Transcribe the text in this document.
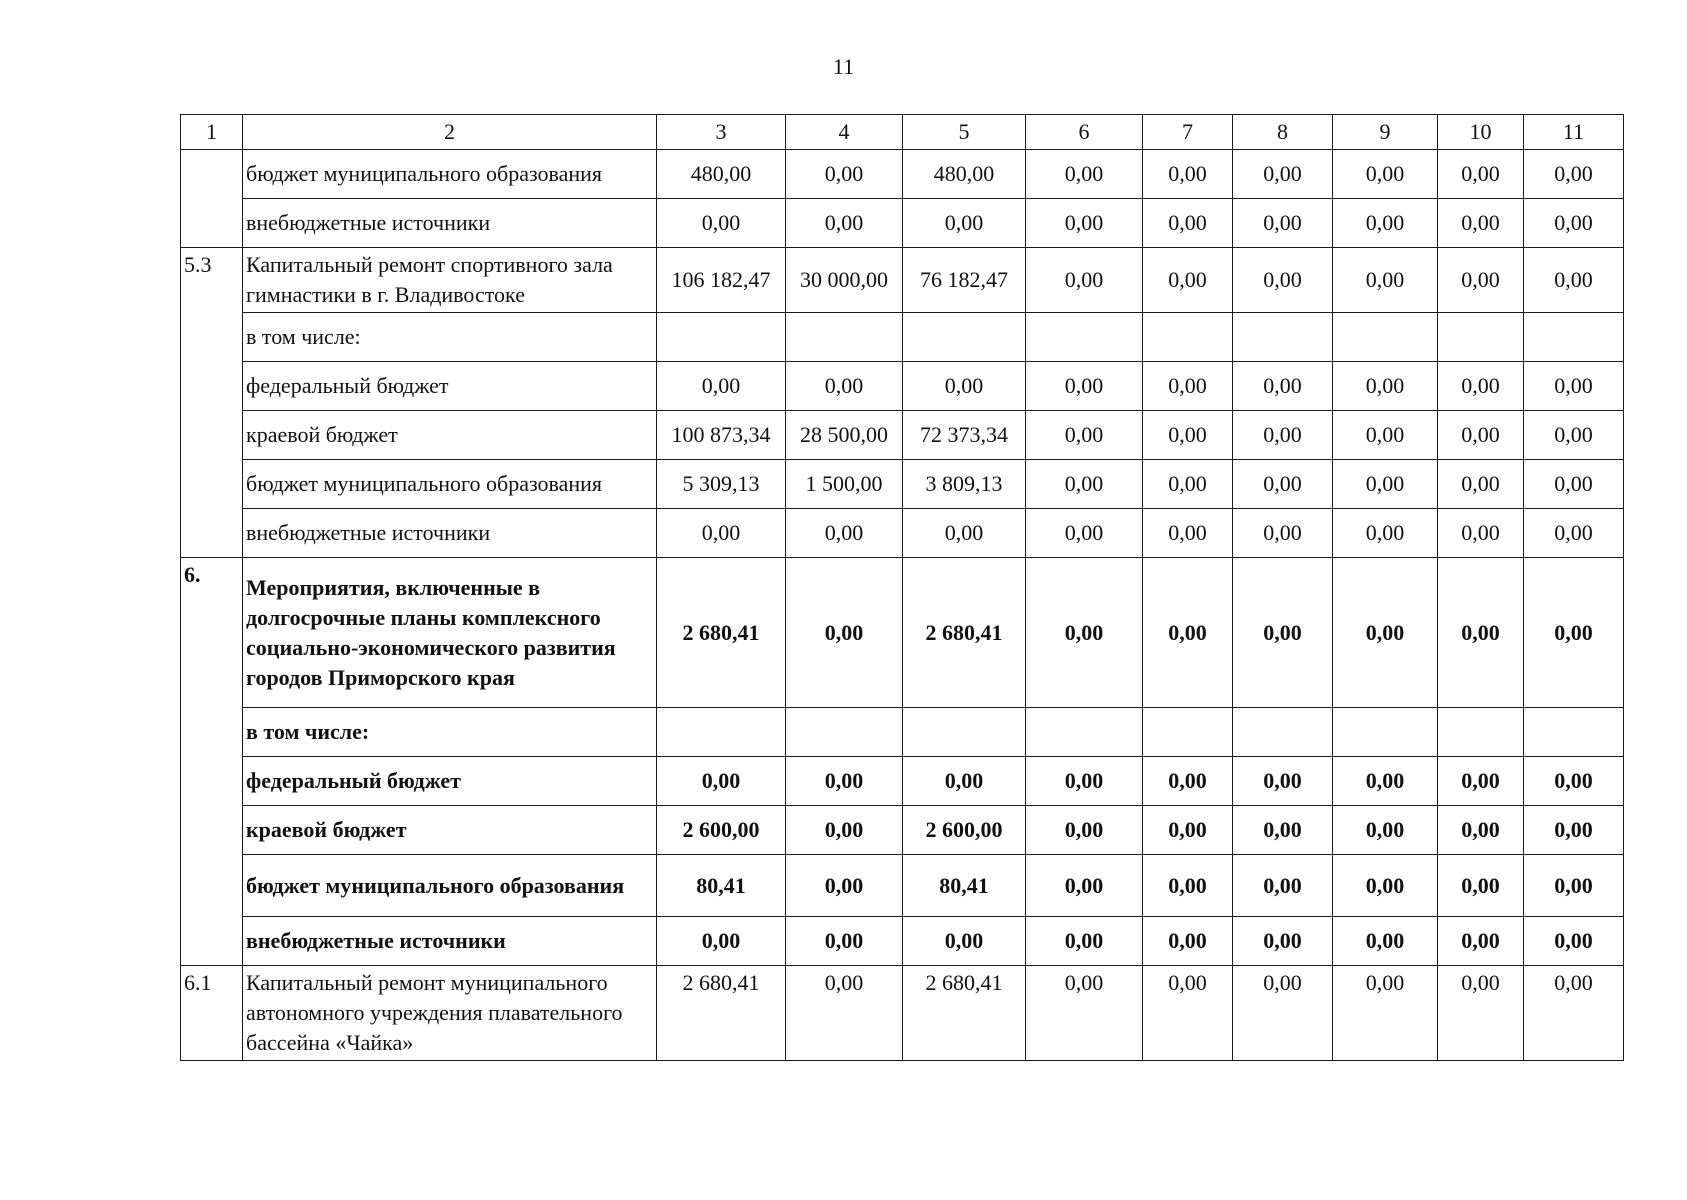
11
1	2	3	4	5	6	7	8	9	10	11
	бюджет муниципального образования	480,00	0,00	480,00	0,00	0,00	0,00	0,00	0,00	0,00
	внебюджетные источники	0,00	0,00	0,00	0,00	0,00	0,00	0,00	0,00	0,00
5.3	Капитальный ремонт спортивного зала гимнастики в г. Владивостоке	106 182,47	30 000,00	76 182,47	0,00	0,00	0,00	0,00	0,00	0,00
	в том числе:									
	федеральный бюджет	0,00	0,00	0,00	0,00	0,00	0,00	0,00	0,00	0,00
	краевой бюджет	100 873,34	28 500,00	72 373,34	0,00	0,00	0,00	0,00	0,00	0,00
	бюджет муниципального образования	5 309,13	1 500,00	3 809,13	0,00	0,00	0,00	0,00	0,00	0,00
	внебюджетные источники	0,00	0,00	0,00	0,00	0,00	0,00	0,00	0,00	0,00
6.	Мероприятия, включенные в долгосрочные планы комплексного социально-экономического развития городов Приморского края	2 680,41	0,00	2 680,41	0,00	0,00	0,00	0,00	0,00	0,00
	в том числе:									
	федеральный бюджет	0,00	0,00	0,00	0,00	0,00	0,00	0,00	0,00	0,00
	краевой бюджет	2 600,00	0,00	2 600,00	0,00	0,00	0,00	0,00	0,00	0,00
	бюджет муниципального образования	80,41	0,00	80,41	0,00	0,00	0,00	0,00	0,00	0,00
	внебюджетные источники	0,00	0,00	0,00	0,00	0,00	0,00	0,00	0,00	0,00
6.1	Капитальный ремонт муниципального автономного учреждения плавательного бассейна «Чайка»	2 680,41	0,00	2 680,41	0,00	0,00	0,00	0,00	0,00	0,00
